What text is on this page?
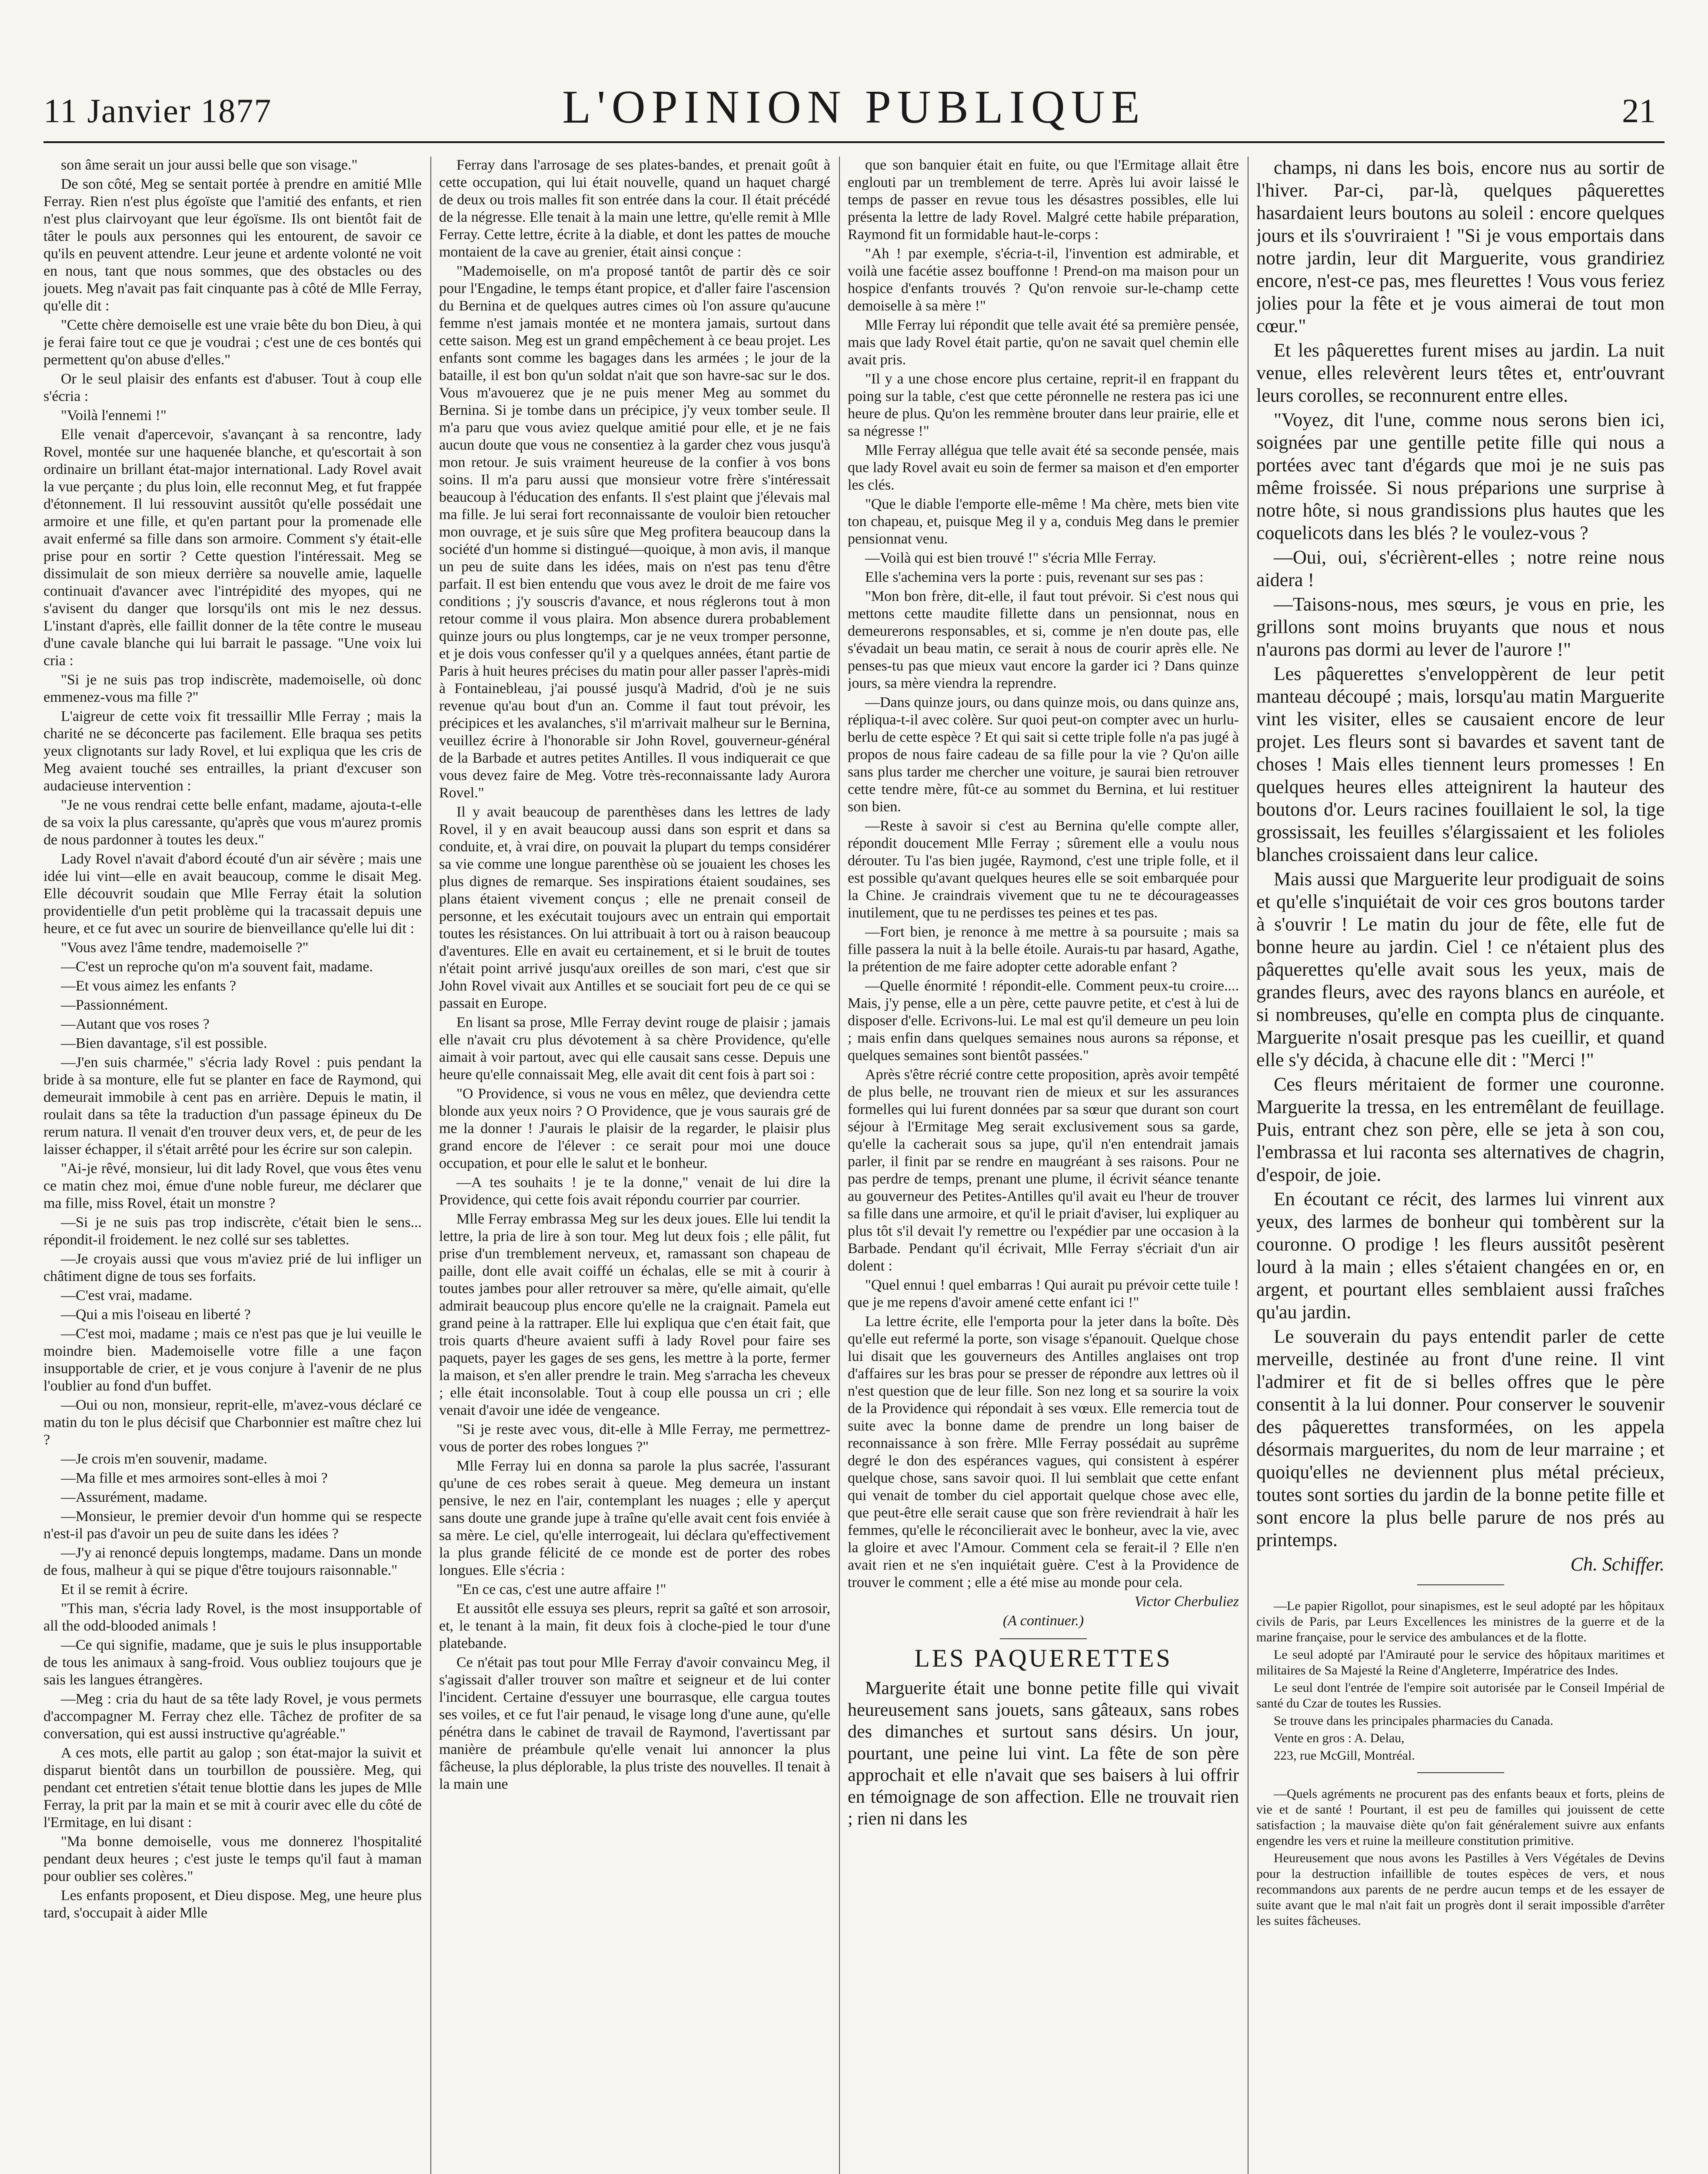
11 Janvier 1877	L'OPINION PUBLIQUE	21

son âme serait un jour aussi belle que son visage."

De son côté, Meg se sentait portée à prendre en amitié Mlle Ferray. Rien n'est plus égoïste que l'amitié des enfants, et rien n'est plus clairvoyant que leur égoïsme. Ils ont bientôt fait de tâter le pouls aux personnes qui les entourent, de savoir ce qu'ils en peuvent attendre. Leur jeune et ardente volonté ne voit en nous, tant que nous sommes, que des obstacles ou des jouets. Meg n'avait pas fait cinquante pas à côté de Mlle Ferray, qu'elle dit :

"Cette chère demoiselle est une vraie bête du bon Dieu, à qui je ferai faire tout ce que je voudrai ; c'est une de ces bontés qui permettent qu'on abuse d'elles."

Or le seul plaisir des enfants est d'abuser. Tout à coup elle s'écria :

"Voilà l'ennemi !"

Elle venait d'apercevoir, s'avançant à sa rencontre, lady Rovel, montée sur une haquenée blanche, et qu'escortait à son ordinaire un brillant état-major international. Lady Rovel avait la vue perçante ; du plus loin, elle reconnut Meg, et fut frappée d'étonnement. Il lui ressouvint aussitôt qu'elle possédait une armoire et une fille, et qu'en partant pour la promenade elle avait enfermé sa fille dans son armoire. Comment s'y était-elle prise pour en sortir ? Cette question l'intéressait. Meg se dissimulait de son mieux derrière sa nouvelle amie, laquelle continuait d'avancer avec l'intrépidité des myopes, qui ne s'avisent du danger que lorsqu'ils ont mis le nez dessus. L'instant d'après, elle faillit donner de la tête contre le museau d'une cavale blanche qui lui barrait le passage. "Une voix lui cria :

"Si je ne suis pas trop indiscrète, mademoiselle, où donc emmenez-vous ma fille ?"

L'aigreur de cette voix fit tressaillir Mlle Ferray ; mais la charité ne se déconcerte pas facilement. Elle braqua ses petits yeux clignotants sur lady Rovel, et lui expliqua que les cris de Meg avaient touché ses entrailles, la priant d'excuser son audacieuse intervention :

"Je ne vous rendrai cette belle enfant, madame, ajouta-t-elle de sa voix la plus caressante, qu'après que vous m'aurez promis de nous pardonner à toutes les deux."

Lady Rovel n'avait d'abord écouté d'un air sévère ; mais une idée lui vint—elle en avait beaucoup, comme le disait Meg. Elle découvrit soudain que Mlle Ferray était la solution providentielle d'un petit problème qui la tracassait depuis une heure, et ce fut avec un sourire de bienveillance qu'elle lui dit :

"Vous avez l'âme tendre, mademoiselle ?"

—C'est un reproche qu'on m'a souvent fait, madame.

—Et vous aimez les enfants ?

—Passionnément.

—Autant que vos roses ?

—Bien davantage, s'il est possible.

—J'en suis charmée," s'écria lady Rovel : puis pendant la bride à sa monture, elle fut se planter en face de Raymond, qui demeurait immobile à cent pas en arrière. Depuis le matin, il roulait dans sa tête la traduction d'un passage épineux du De rerum natura. Il venait d'en trouver deux vers, et, de peur de les laisser échapper, il s'était arrêté pour les écrire sur son calepin.

"Ai-je rêvé, monsieur, lui dit lady Rovel, que vous êtes venu ce matin chez moi, émue d'une noble fureur, me déclarer que ma fille, miss Rovel, était un monstre ?

—Si je ne suis pas trop indiscrète, c'était bien le sens... répondit-il froidement. le nez collé sur ses tablettes.

—Je croyais aussi que vous m'aviez prié de lui infliger un châtiment digne de tous ses forfaits.

—C'est vrai, madame.

—Qui a mis l'oiseau en liberté ?

—C'est moi, madame ; mais ce n'est pas que je lui veuille le moindre bien. Mademoiselle votre fille a une façon insupportable de crier, et je vous conjure à l'avenir de ne plus l'oublier au fond d'un buffet.

—Oui ou non, monsieur, reprit-elle, m'avez-vous déclaré ce matin du ton le plus décisif que Charbonnier est maître chez lui ?

—Je crois m'en souvenir, madame.

—Ma fille et mes armoires sont-elles à moi ?

—Assurément, madame.

—Monsieur, le premier devoir d'un homme qui se respecte n'est-il pas d'avoir un peu de suite dans les idées ?

—J'y ai renoncé depuis longtemps, madame. Dans un monde de fous, malheur à qui se pique d'être toujours raisonnable."

Et il se remit à écrire.

"This man, s'écria lady Rovel, is the most insupportable of all the odd-blooded animals !

—Ce qui signifie, madame, que je suis le plus insupportable de tous les animaux à sang-froid. Vous oubliez toujours que je sais les langues étrangères.

—Meg : cria du haut de sa tête lady Rovel, je vous permets d'accompagner M. Ferray chez elle. Tâchez de profiter de sa conversation, qui est aussi instructive qu'agréable."

A ces mots, elle partit au galop ; son état-major la suivit et disparut bientôt dans un tourbillon de poussière. Meg, qui pendant cet entretien s'était tenue blottie dans les jupes de Mlle Ferray, la prit par la main et se mit à courir avec elle du côté de l'Ermitage, en lui disant :

"Ma bonne demoiselle, vous me donnerez l'hospitalité pendant deux heures ; c'est juste le temps qu'il faut à maman pour oublier ses colères."

Les enfants proposent, et Dieu dispose. Meg, une heure plus tard, s'occupait à aider Mlle

Ferray dans l'arrosage de ses plates-bandes, et prenait goût à cette occupation, qui lui était nouvelle, quand un haquet chargé de deux ou trois malles fit son entrée dans la cour. Il était précédé de la négresse. Elle tenait à la main une lettre, qu'elle remit à Mlle Ferray. Cette lettre, écrite à la diable, et dont les pattes de mouche montaient de la cave au grenier, était ainsi conçue :

"Mademoiselle, on m'a proposé tantôt de partir dès ce soir pour l'Engadine, le temps étant propice, et d'aller faire l'ascension du Bernina et de quelques autres cimes où l'on assure qu'aucune femme n'est jamais montée et ne montera jamais, surtout dans cette saison. Meg est un grand empêchement à ce beau projet. Les enfants sont comme les bagages dans les armées ; le jour de la bataille, il est bon qu'un soldat n'ait que son havre-sac sur le dos. Vous m'avouerez que je ne puis mener Meg au sommet du Bernina. Si je tombe dans un précipice, j'y veux tomber seule. Il m'a paru que vous aviez quelque amitié pour elle, et je ne fais aucun doute que vous ne consentiez à la garder chez vous jusqu'à mon retour. Je suis vraiment heureuse de la confier à vos bons soins. Il m'a paru aussi que monsieur votre frère s'intéressait beaucoup à l'éducation des enfants. Il s'est plaint que j'élevais mal ma fille. Je lui serai fort reconnaissante de vouloir bien retoucher mon ouvrage, et je suis sûre que Meg profitera beaucoup dans la société d'un homme si distingué—quoique, à mon avis, il manque un peu de suite dans les idées, mais on n'est pas tenu d'être parfait. Il est bien entendu que vous avez le droit de me faire vos conditions ; j'y souscris d'avance, et nous réglerons tout à mon retour comme il vous plaira. Mon absence durera probablement quinze jours ou plus longtemps, car je ne veux tromper personne, et je dois vous confesser qu'il y a quelques années, étant partie de Paris à huit heures précises du matin pour aller passer l'après-midi à Fontainebleau, j'ai poussé jusqu'à Madrid, d'où je ne suis revenue qu'au bout d'un an. Comme il faut tout prévoir, les précipices et les avalanches, s'il m'arrivait malheur sur le Bernina, veuillez écrire à l'honorable sir John Rovel, gouverneur-général de la Barbade et autres petites Antilles. Il vous indiquerait ce que vous devez faire de Meg. Votre très-reconnaissante lady Aurora Rovel."

Il y avait beaucoup de parenthèses dans les lettres de lady Rovel, il y en avait beaucoup aussi dans son esprit et dans sa conduite, et, à vrai dire, on pouvait la plupart du temps considérer sa vie comme une longue parenthèse où se jouaient les choses les plus dignes de remarque. Ses inspirations étaient soudaines, ses plans étaient vivement conçus ; elle ne prenait conseil de personne, et les exécutait toujours avec un entrain qui emportait toutes les résistances. On lui attribuait à tort ou à raison beaucoup d'aventures. Elle en avait eu certainement, et si le bruit de toutes n'était point arrivé jusqu'aux oreilles de son mari, c'est que sir John Rovel vivait aux Antilles et se souciait fort peu de ce qui se passait en Europe.

En lisant sa prose, Mlle Ferray devint rouge de plaisir ; jamais elle n'avait cru plus dévotement à sa chère Providence, qu'elle aimait à voir partout, avec qui elle causait sans cesse. Depuis une heure qu'elle connaissait Meg, elle avait dit cent fois à part soi :

"O Providence, si vous ne vous en mêlez, que deviendra cette blonde aux yeux noirs ? O Providence, que je vous saurais gré de me la donner ! J'aurais le plaisir de la regarder, le plaisir plus grand encore de l'élever : ce serait pour moi une douce occupation, et pour elle le salut et le bonheur.

—A tes souhaits ! je te la donne," venait de lui dire la Providence, qui cette fois avait répondu courrier par courrier.

Mlle Ferray embrassa Meg sur les deux joues. Elle lui tendit la lettre, la pria de lire à son tour. Meg lut deux fois ; elle pâlit, fut prise d'un tremblement nerveux, et, ramassant son chapeau de paille, dont elle avait coiffé un échalas, elle se mit à courir à toutes jambes pour aller retrouver sa mère, qu'elle aimait, qu'elle admirait beaucoup plus encore qu'elle ne la craignait. Pamela eut grand peine à la rattraper. Elle lui expliqua que c'en était fait, que trois quarts d'heure avaient suffi à lady Rovel pour faire ses paquets, payer les gages de ses gens, les mettre à la porte, fermer la maison, et s'en aller prendre le train. Meg s'arracha les cheveux ; elle était inconsolable. Tout à coup elle poussa un cri ; elle venait d'avoir une idée de vengeance.

"Si je reste avec vous, dit-elle à Mlle Ferray, me permettrez-vous de porter des robes longues ?"

Mlle Ferray lui en donna sa parole la plus sacrée, l'assurant qu'une de ces robes serait à queue. Meg demeura un instant pensive, le nez en l'air, contemplant les nuages ; elle y aperçut sans doute une grande jupe à traîne qu'elle avait cent fois enviée à sa mère. Le ciel, qu'elle interrogeait, lui déclara qu'effectivement la plus grande félicité de ce monde est de porter des robes longues. Elle s'écria :

"En ce cas, c'est une autre affaire !"

Et aussitôt elle essuya ses pleurs, reprit sa gaîté et son arrosoir, et, le tenant à la main, fit deux fois à cloche-pied le tour d'une platebande.

Ce n'était pas tout pour Mlle Ferray d'avoir convaincu Meg, il s'agissait d'aller trouver son maître et seigneur et de lui conter l'incident. Certaine d'essuyer une bourrasque, elle cargua toutes ses voiles, et ce fut l'air penaud, le visage long d'une aune, qu'elle pénétra dans le cabinet de travail de Raymond, l'avertissant par manière de préambule qu'elle venait lui annoncer la plus fâcheuse, la plus déplorable, la plus triste des nouvelles. Il tenait à la main une

que son banquier était en fuite, ou que l'Ermitage allait être englouti par un tremblement de terre. Après lui avoir laissé le temps de passer en revue tous les désastres possibles, elle lui présenta la lettre de lady Rovel. Malgré cette habile préparation, Raymond fit un formidable haut-le-corps :

"Ah ! par exemple, s'écria-t-il, l'invention est admirable, et voilà une facétie assez bouffonne ! Prend-on ma maison pour un hospice d'enfants trouvés ? Qu'on renvoie sur-le-champ cette demoiselle à sa mère !"

Mlle Ferray lui répondit que telle avait été sa première pensée, mais que lady Rovel était partie, qu'on ne savait quel chemin elle avait pris.

"Il y a une chose encore plus certaine, reprit-il en frappant du poing sur la table, c'est que cette péronnelle ne restera pas ici une heure de plus. Qu'on les remmène brouter dans leur prairie, elle et sa négresse !"

Mlle Ferray allégua que telle avait été sa seconde pensée, mais que lady Rovel avait eu soin de fermer sa maison et d'en emporter les clés.

"Que le diable l'emporte elle-même ! Ma chère, mets bien vite ton chapeau, et, puisque Meg il y a, conduis Meg dans le premier pensionnat venu.

—Voilà qui est bien trouvé !" s'écria Mlle Ferray.

Elle s'achemina vers la porte : puis, revenant sur ses pas :

"Mon bon frère, dit-elle, il faut tout prévoir. Si c'est nous qui mettons cette maudite fillette dans un pensionnat, nous en demeurerons responsables, et si, comme je n'en doute pas, elle s'évadait un beau matin, ce serait à nous de courir après elle. Ne penses-tu pas que mieux vaut encore la garder ici ? Dans quinze jours, sa mère viendra la reprendre.

—Dans quinze jours, ou dans quinze mois, ou dans quinze ans, répliqua-t-il avec colère. Sur quoi peut-on compter avec un hurlu-berlu de cette espèce ? Et qui sait si cette triple folle n'a pas jugé à propos de nous faire cadeau de sa fille pour la vie ? Qu'on aille sans plus tarder me chercher une voiture, je saurai bien retrouver cette tendre mère, fût-ce au sommet du Bernina, et lui restituer son bien.

—Reste à savoir si c'est au Bernina qu'elle compte aller, répondit doucement Mlle Ferray ; sûrement elle a voulu nous dérouter. Tu l'as bien jugée, Raymond, c'est une triple folle, et il est possible qu'avant quelques heures elle se soit embarquée pour la Chine. Je craindrais vivement que tu ne te décourageasses inutilement, que tu ne perdisses tes peines et tes pas.

—Fort bien, je renonce à me mettre à sa poursuite ; mais sa fille passera la nuit à la belle étoile. Aurais-tu par hasard, Agathe, la prétention de me faire adopter cette adorable enfant ?

—Quelle énormité ! répondit-elle. Comment peux-tu croire.... Mais, j'y pense, elle a un père, cette pauvre petite, et c'est à lui de disposer d'elle. Ecrivons-lui. Le mal est qu'il demeure un peu loin ; mais enfin dans quelques semaines nous aurons sa réponse, et quelques semaines sont bientôt passées."

Après s'être récrié contre cette proposition, après avoir tempêté de plus belle, ne trouvant rien de mieux et sur les assurances formelles qui lui furent données par sa sœur que durant son court séjour à l'Ermitage Meg serait exclusivement sous sa garde, qu'elle la cacherait sous sa jupe, qu'il n'en entendrait jamais parler, il finit par se rendre en maugréant à ses raisons. Pour ne pas perdre de temps, prenant une plume, il écrivit séance tenante au gouverneur des Petites-Antilles qu'il avait eu l'heur de trouver sa fille dans une armoire, et qu'il le priait d'aviser, lui expliquer au plus tôt s'il devait l'y remettre ou l'expédier par une occasion à la Barbade. Pendant qu'il écrivait, Mlle Ferray s'écriait d'un air dolent :

"Quel ennui ! quel embarras ! Qui aurait pu prévoir cette tuile ! que je me repens d'avoir amené cette enfant ici !"

La lettre écrite, elle l'emporta pour la jeter dans la boîte. Dès qu'elle eut refermé la porte, son visage s'épanouit. Quelque chose lui disait que les gouverneurs des Antilles anglaises ont trop d'affaires sur les bras pour se presser de répondre aux lettres où il n'est question que de leur fille. Son nez long et sa sourire la voix de la Providence qui répondait à ses vœux. Elle remercia tout de suite avec la bonne dame de prendre un long baiser de reconnaissance à son frère. Mlle Ferray possédait au suprême degré le don des espérances vagues, qui consistent à espérer quelque chose, sans savoir quoi. Il lui semblait que cette enfant qui venait de tomber du ciel apportait quelque chose avec elle, que peut-être elle serait cause que son frère reviendrait à haïr les femmes, qu'elle le réconcilierait avec le bonheur, avec la vie, avec la gloire et avec l'Amour. Comment cela se ferait-il ? Elle n'en avait rien et ne s'en inquiétait guère. C'est à la Providence de trouver le comment ; elle a été mise au monde pour cela.

Victor Cherbuliez

(A continuer.)

LES PAQUERETTES

Marguerite était une bonne petite fille qui vivait heureusement sans jouets, sans gâteaux, sans robes des dimanches et surtout sans désirs. Un jour, pourtant, une peine lui vint. La fête de son père approchait et elle n'avait que ses baisers à lui offrir en témoignage de son affection. Elle ne trouvait rien ; rien ni dans les

champs, ni dans les bois, encore nus au sortir de l'hiver. Par-ci, par-là, quelques pâquerettes hasardaient leurs boutons au soleil : encore quelques jours et ils s'ouvriraient ! "Si je vous emportais dans notre jardin, leur dit Marguerite, vous grandiriez encore, n'est-ce pas, mes fleurettes ! Vous vous feriez jolies pour la fête et je vous aimerai de tout mon cœur."

Et les pâquerettes furent mises au jardin. La nuit venue, elles relevèrent leurs têtes et, entr'ouvrant leurs corolles, se reconnurent entre elles.

"Voyez, dit l'une, comme nous serons bien ici, soignées par une gentille petite fille qui nous a portées avec tant d'égards que moi je ne suis pas même froissée. Si nous préparions une surprise à notre hôte, si nous grandissions plus hautes que les coquelicots dans les blés ? le voulez-vous ?

—Oui, oui, s'écrièrent-elles ; notre reine nous aidera !

—Taisons-nous, mes sœurs, je vous en prie, les grillons sont moins bruyants que nous et nous n'aurons pas dormi au lever de l'aurore !"

Les pâquerettes s'enveloppèrent de leur petit manteau découpé ; mais, lorsqu'au matin Marguerite vint les visiter, elles se causaient encore de leur projet. Les fleurs sont si bavardes et savent tant de choses ! Mais elles tiennent leurs promesses ! En quelques heures elles atteignirent la hauteur des boutons d'or. Leurs racines fouillaient le sol, la tige grossissait, les feuilles s'élargissaient et les folioles blanches croissaient dans leur calice.

Mais aussi que Marguerite leur prodiguait de soins et qu'elle s'inquiétait de voir ces gros boutons tarder à s'ouvrir ! Le matin du jour de fête, elle fut de bonne heure au jardin. Ciel ! ce n'étaient plus des pâquerettes qu'elle avait sous les yeux, mais de grandes fleurs, avec des rayons blancs en auréole, et si nombreuses, qu'elle en compta plus de cinquante. Marguerite n'osait presque pas les cueillir, et quand elle s'y décida, à chacune elle dit : "Merci !"

Ces fleurs méritaient de former une couronne. Marguerite la tressa, en les entremêlant de feuillage. Puis, entrant chez son père, elle se jeta à son cou, l'embrassa et lui raconta ses alternatives de chagrin, d'espoir, de joie.

En écoutant ce récit, des larmes lui vinrent aux yeux, des larmes de bonheur qui tombèrent sur la couronne. O prodige ! les fleurs aussitôt pesèrent lourd à la main ; elles s'étaient changées en or, en argent, et pourtant elles semblaient aussi fraîches qu'au jardin.

Le souverain du pays entendit parler de cette merveille, destinée au front d'une reine. Il vint l'admirer et fit de si belles offres que le père consentit à la lui donner. Pour conserver le souvenir des pâquerettes transformées, on les appela désormais marguerites, du nom de leur marraine ; et quoiqu'elles ne deviennent plus métal précieux, toutes sont sorties du jardin de la bonne petite fille et sont encore la plus belle parure de nos prés au printemps.

Ch. Schiffer.

—Le papier Rigollot, pour sinapismes, est le seul adopté par les hôpitaux civils de Paris, par Leurs Excellences les ministres de la guerre et de la marine française, pour le service des ambulances et de la flotte.

Le seul adopté par l'Amirauté pour le service des hôpitaux maritimes et militaires de Sa Majesté la Reine d'Angleterre, Impératrice des Indes.

Le seul dont l'entrée de l'empire soit autorisée par le Conseil Impérial de santé du Czar de toutes les Russies.

Se trouve dans les principales pharmacies du Canada.

Vente en gros : A. Delau,

223, rue McGill, Montréal.

—Quels agréments ne procurent pas des enfants beaux et forts, pleins de vie et de santé ! Pourtant, il est peu de familles qui jouissent de cette satisfaction ; la mauvaise diète qu'on fait généralement suivre aux enfants engendre les vers et ruine la meilleure constitution primitive.

Heureusement que nous avons les Pastilles à Vers Végétales de Devins pour la destruction infaillible de toutes espèces de vers, et nous recommandons aux parents de ne perdre aucun temps et de les essayer de suite avant que le mal n'ait fait un progrès dont il serait impossible d'arrêter les suites fâcheuses.
